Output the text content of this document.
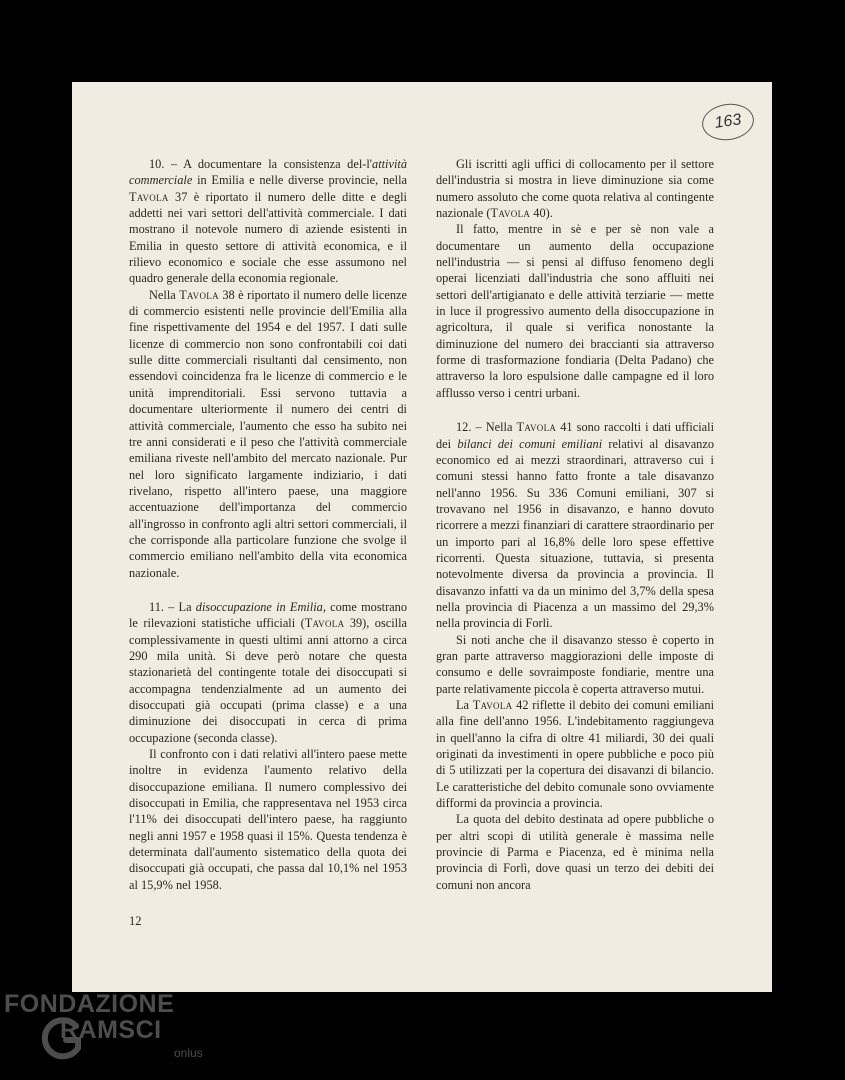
163

10. – A documentare la consistenza del-l'attività commerciale in Emilia e nelle diverse provincie, nella Tavola 37 è riportato il numero delle ditte e degli addetti nei vari settori dell'attività commerciale. I dati mostrano il notevole numero di aziende esistenti in Emilia in questo settore di attività economica, e il rilievo economico e sociale che esse assumono nel quadro generale della economia regionale.

Nella Tavola 38 è riportato il numero delle licenze di commercio esistenti nelle provincie dell'Emilia alla fine rispettivamente del 1954 e del 1957. I dati sulle licenze di commercio non sono confrontabili coi dati sulle ditte commerciali risultanti dal censimento, non essendovi coincidenza fra le licenze di commercio e le unità imprenditoriali. Essi servono tuttavia a documentare ulteriormente il numero dei centri di attività commerciale, l'aumento che esso ha subito nei tre anni considerati e il peso che l'attività commerciale emiliana riveste nell'ambito del mercato nazionale. Pur nel loro significato largamente indiziario, i dati rivelano, rispetto all'intero paese, una maggiore accentuazione dell'importanza del commercio all'ingrosso in confronto agli altri settori commerciali, il che corrisponde alla particolare funzione che svolge il commercio emiliano nell'ambito della vita economica nazionale.

11. – La disoccupazione in Emilia, come mostrano le rilevazioni statistiche ufficiali (Tavola 39), oscilla complessivamente in questi ultimi anni attorno a circa 290 mila unità. Si deve però notare che questa stazionarietà del contingente totale dei disoccupati si accompagna tendenzialmente ad un aumento dei disoccupati già occupati (prima classe) e a una diminuzione dei disoccupati in cerca di prima occupazione (seconda classe).

Il confronto con i dati relativi all'intero paese mette inoltre in evidenza l'aumento relativo della disoccupazione emiliana. Il numero complessivo dei disoccupati in Emilia, che rappresentava nel 1953 circa l'11% dei disoccupati dell'intero paese, ha raggiunto negli anni 1957 e 1958 quasi il 15%. Questa tendenza è determinata dall'aumento sistematico della quota dei disoccupati già occupati, che passa dal 10,1% nel 1953 al 15,9% nel 1958.

Gli iscritti agli uffici di collocamento per il settore dell'industria si mostra in lieve diminuzione sia come numero assoluto che come quota relativa al contingente nazionale (Tavola 40).

Il fatto, mentre in sè e per sè non vale a documentare un aumento della occupazione nell'industria — si pensi al diffuso fenomeno degli operai licenziati dall'industria che sono affluiti nei settori dell'artigianato e delle attività terziarie — mette in luce il progressivo aumento della disoccupazione in agricoltura, il quale si verifica nonostante la diminuzione del numero dei braccianti sia attraverso forme di trasformazione fondiaria (Delta Padano) che attraverso la loro espulsione dalle campagne ed il loro afflusso verso i centri urbani.

12. – Nella Tavola 41 sono raccolti i dati ufficiali dei bilanci dei comuni emiliani relativi al disavanzo economico ed ai mezzi straordinari, attraverso cui i comuni stessi hanno fatto fronte a tale disavanzo nell'anno 1956. Su 336 Comuni emiliani, 307 si trovavano nel 1956 in disavanzo, e hanno dovuto ricorrere a mezzi finanziari di carattere straordinario per un importo pari al 16,8% delle loro spese effettive ricorrenti. Questa situazione, tuttavia, si presenta notevolmente diversa da provincia a provincia. Il disavanzo infatti va da un minimo del 3,7% della spesa nella provincia di Piacenza a un massimo del 29,3% nella provincia di Forlì.

Si noti anche che il disavanzo stesso è coperto in gran parte attraverso maggiorazioni delle imposte di consumo e delle sovraimposte fondiarie, mentre una parte relativamente piccola è coperta attraverso mutui.

La Tavola 42 riflette il debito dei comuni emiliani alla fine dell'anno 1956. L'indebitamento raggiungeva in quell'anno la cifra di oltre 41 miliardi, 30 dei quali originati da investimenti in opere pubbliche e poco più di 5 utilizzati per la copertura dei disavanzi di bilancio. Le caratteristiche del debito comunale sono ovviamente difformi da provincia a provincia.

La quota del debito destinata ad opere pubbliche o per altri scopi di utilità generale è massima nelle provincie di Parma e Piacenza, ed è minima nella provincia di Forlì, dove quasi un terzo dei debiti dei comuni non ancora

12
FONDAZIONE
RAMSCI
onlus
